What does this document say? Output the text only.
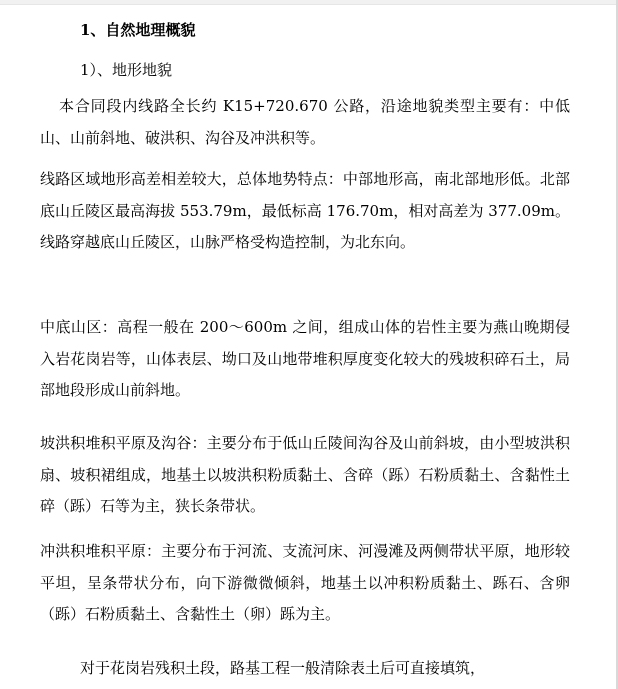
1、自然地理概貌
1）、地形地貌

本合同段内线路全长约 K15+720.670 公路，沿途地貌类型主要有：中低山、山前斜地、破洪积、沟谷及冲洪积等。

线路区域地形高差相差较大，总体地势特点：中部地形高，南北部地形低。北部底山丘陵区最高海拔 553.79m，最低标高 176.70m，相对高差为 377.09m。线路穿越底山丘陵区，山脉严格受构造控制，为北东向。

中底山区：高程一般在 200～600m 之间，组成山体的岩性主要为燕山晚期侵入岩花岗岩等，山体表层、坳口及山地带堆积厚度变化较大的残坡积碎石土，局部地段形成山前斜地。

坡洪积堆积平原及沟谷：主要分布于低山丘陵间沟谷及山前斜坡，由小型坡洪积扇、坡积裙组成，地基土以坡洪积粉质黏土、含碎（跞）石粉质黏土、含黏性土碎（跞）石等为主，狭长条带状。

冲洪积堆积平原：主要分布于河流、支流河床、河漫滩及两侧带状平原，地形较平坦，呈条带状分布，向下游微微倾斜，地基土以冲积粉质黏土、跞石、含卵（跞）石粉质黏土、含黏性土（卵）跞为主。

对于花岗岩残积土段，路基工程一般清除表土后可直接填筑，
